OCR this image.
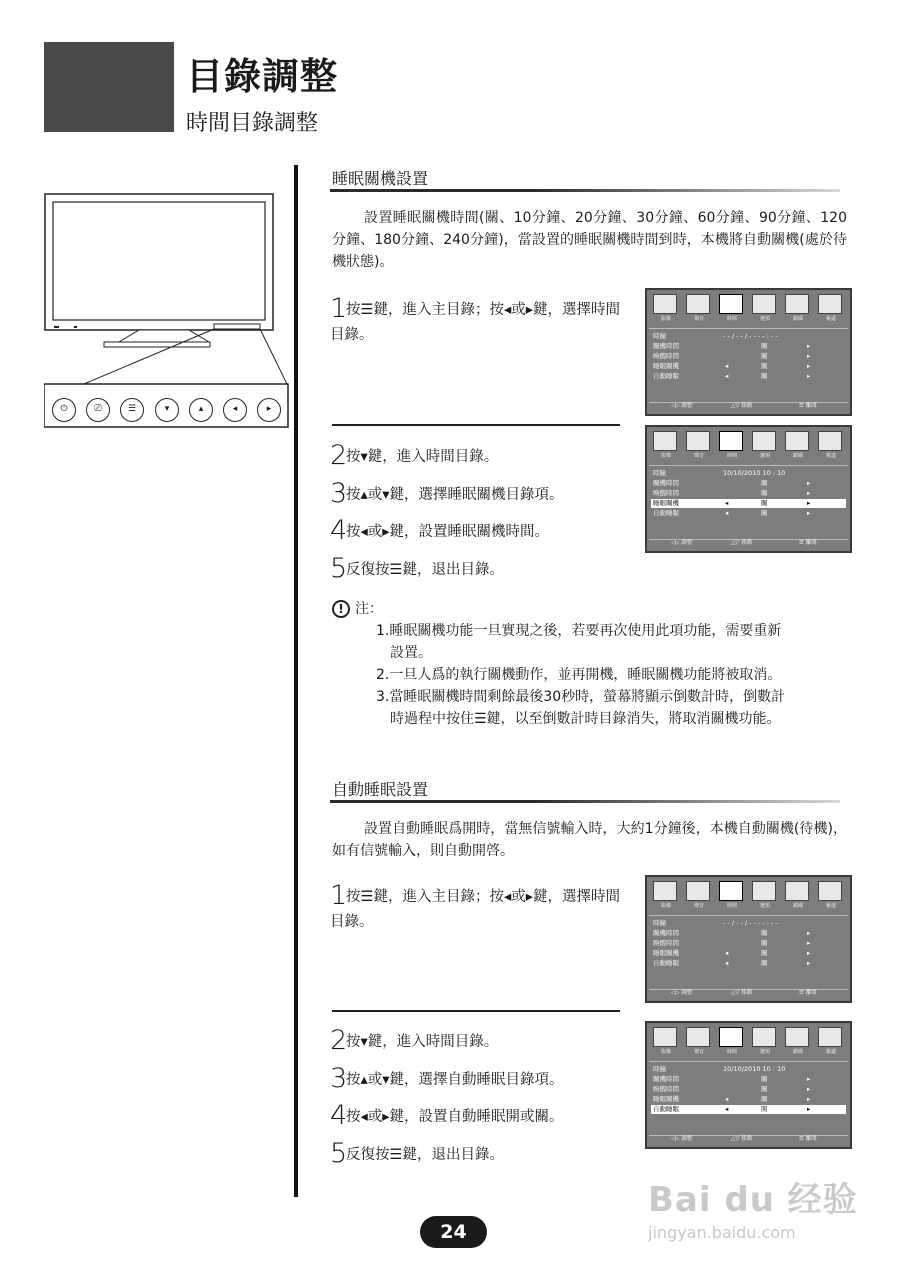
目錄調整
時間目錄調整
⏻	⎚	☰	▾	▴	◂	▸
睡眠關機設置
設置睡眠關機時間(關、10分鐘、20分鐘、30分鐘、60分鐘、90分鐘、120分鐘、180分鐘、240分鐘)，當設置的睡眠關機時間到時，本機將自動關機(處於待機狀態)。
1按☰鍵，進入主目錄；按◂或▸鍵，選擇時間目錄。
2按▾鍵，進入時間目錄。
3按▴或▾鍵，選擇睡眠關機目錄項。
4按◂或▸鍵，設置睡眠關機時間。
5反復按☰鍵，退出目錄。
! 注：
1.睡眠關機功能一旦實現之後，若要再次使用此項功能，需要重新
設置。
2.一旦人爲的執行關機動作，並再開機，睡眠關機功能將被取消。
3.當睡眠關機時間剩餘最後30秒時，螢幕將顯示倒數計時，倒數計
時過程中按住☰鍵，以至倒數計時目錄消失，將取消關機功能。
自動睡眠設置
設置自動睡眠爲開時，當無信號輸入時，大約1分鐘後，本機自動關機(待機)，如有信號輸入，則自動開啓。
1按☰鍵，進入主目錄；按◂或▸鍵，選擇時間目錄。
2按▾鍵，進入時間目錄。
3按▴或▾鍵，選擇自動睡眠目錄項。
4按◂或▸鍵，設置自動睡眠開或關。
5反復按☰鍵，退出目錄。
影像	聲音	時間	選項	鎖碼	頻道
時鐘	- - / - - / - - - - : - -
關機時間	關	▸
喚醒時間	關	▸
睡眠關機	◂	關	▸
自動睡眠	◂	關	▸
◁▷ 調整	△▽ 移動	☰ 離開
影像	聲音	時間	選項	鎖碼	頻道
時鐘	10/10/2010 10 : 10
關機時間	關	▸
喚醒時間	關	▸
睡眠關機	◂	關	▸
自動睡眠	◂	關	▸
◁▷ 調整	△▽ 移動	☰ 離開
影像	聲音	時間	選項	鎖碼	頻道
時鐘	- - / - - / - - - - : - -
關機時間	關	▸
喚醒時間	關	▸
睡眠關機	◂	關	▸
自動睡眠	◂	關	▸
◁▷ 調整	△▽ 移動	☰ 離開
影像	聲音	時間	選項	鎖碼	頻道
時鐘	10/10/2010 10 : 10
關機時間	關	▸
喚醒時間	關	▸
睡眠關機	◂	關	▸
自動睡眠	◂	開	▸
◁▷ 調整	△▽ 移動	☰ 離開
24
Bai du 经验
jingyan.baidu.com
